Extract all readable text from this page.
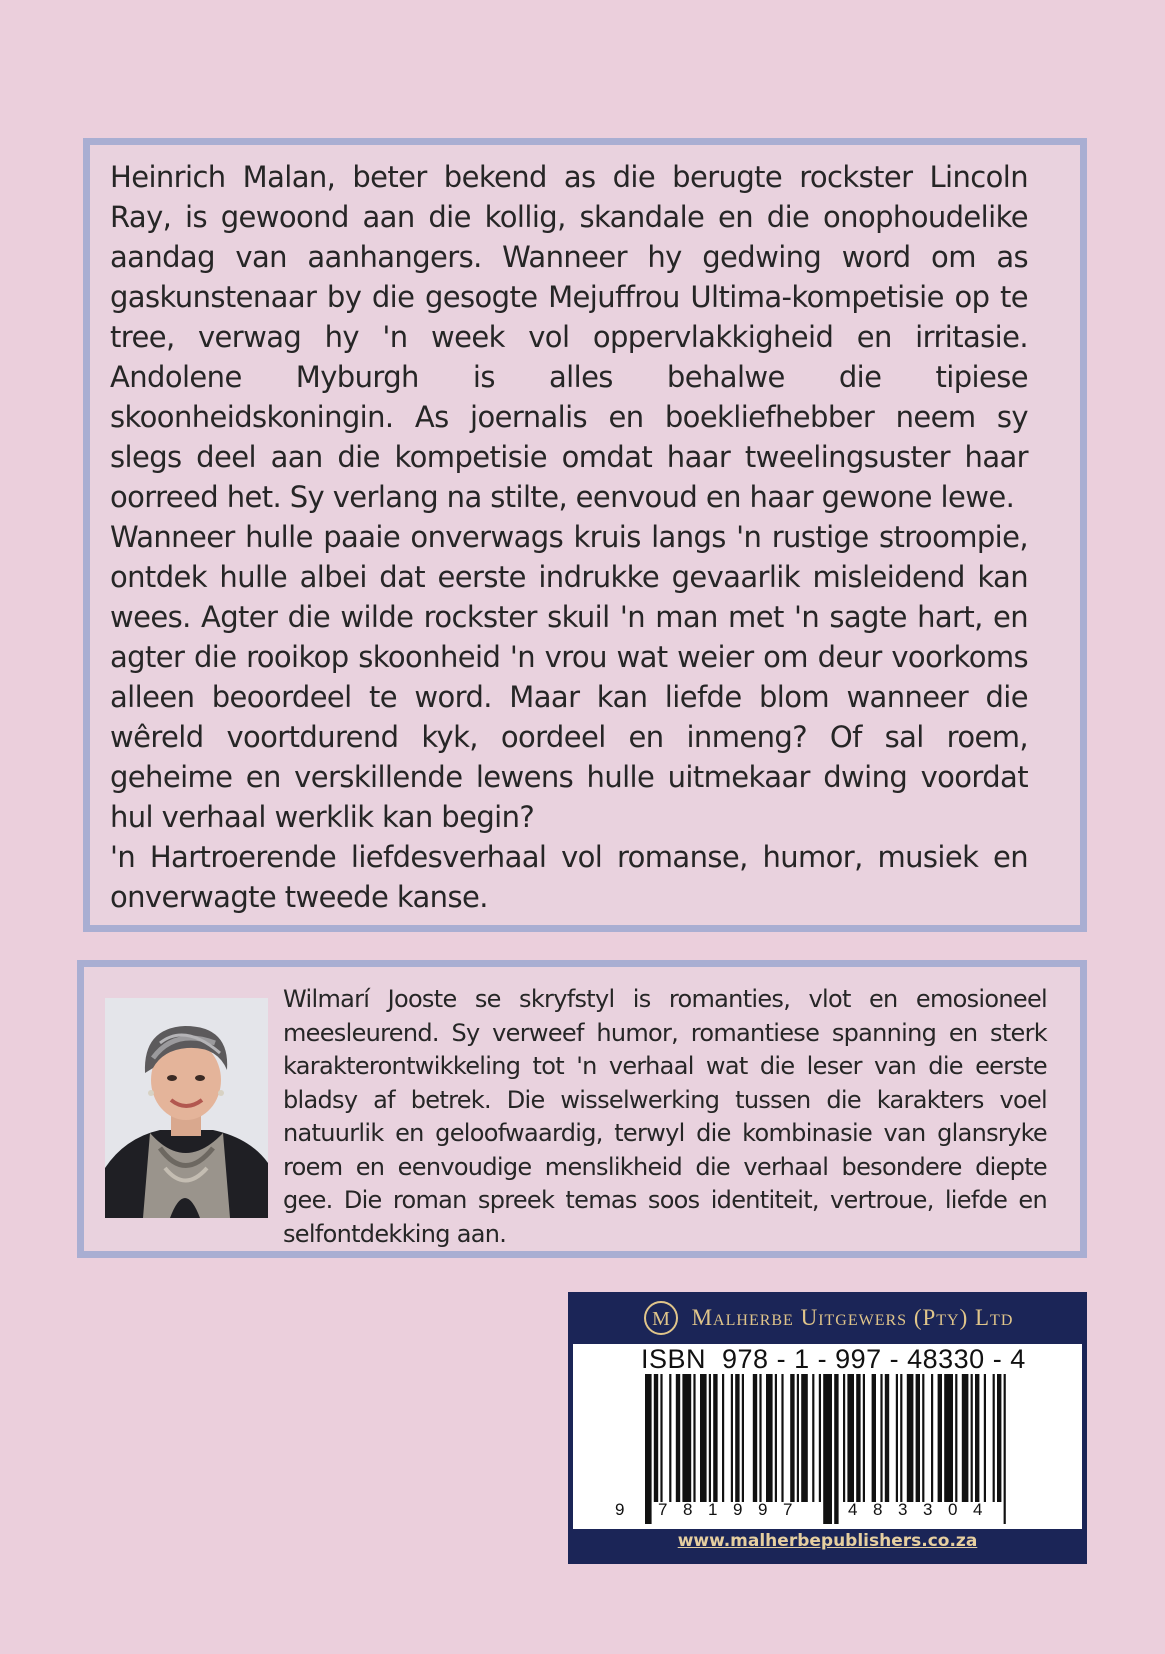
Heinrich Malan, beter bekend as die berugte rockster Lincoln Ray, is gewoond aan die kollig, skandale en die onophoudelike aandag van aanhangers. Wanneer hy gedwing word om as gaskunstenaar by die gesogte Mejuffrou Ultima-kompetisie op te tree, verwag hy 'n week vol oppervlakkigheid en irritasie. Andolene Myburgh is alles behalwe die tipiese skoonheidskoningin. As joernalis en boekliefhebber neem sy slegs deel aan die kompetisie omdat haar tweelingsuster haar oorreed het. Sy verlang na stilte, eenvoud en haar gewone lewe.

Wanneer hulle paaie onverwags kruis langs 'n rustige stroompie, ontdek hulle albei dat eerste indrukke gevaarlik misleidend kan wees. Agter die wilde rockster skuil 'n man met 'n sagte hart, en agter die rooikop skoonheid 'n vrou wat weier om deur voorkoms alleen beoordeel te word. Maar kan liefde blom wanneer die wêreld voortdurend kyk, oordeel en inmeng? Of sal roem, geheime en verskillende lewens hulle uitmekaar dwing voordat hul verhaal werklik kan begin?

'n Hartroerende liefdesverhaal vol romanse, humor, musiek en onverwagte tweede kanse.

Wilmarí Jooste se skryfstyl is romanties, vlot en emosioneel meesleurend. Sy verweef humor, romantiese spanning en sterk karakterontwikkeling tot 'n verhaal wat die leser van die eerste bladsy af betrek. Die wisselwerking tussen die karakters voel natuurlik en geloofwaardig, terwyl die kombinasie van glansryke roem en eenvoudige menslikheid die verhaal besondere diepte gee. Die roman spreek temas soos identiteit, vertroue, liefde en selfontdekking aan.

M Malherbe Uitgewers (Pty) Ltd
ISBN  978 - 1 - 997 - 48330 - 4
9 7 8 1 9 9 7	4 8 3 3 0 4
www.malherbepublishers.co.za
